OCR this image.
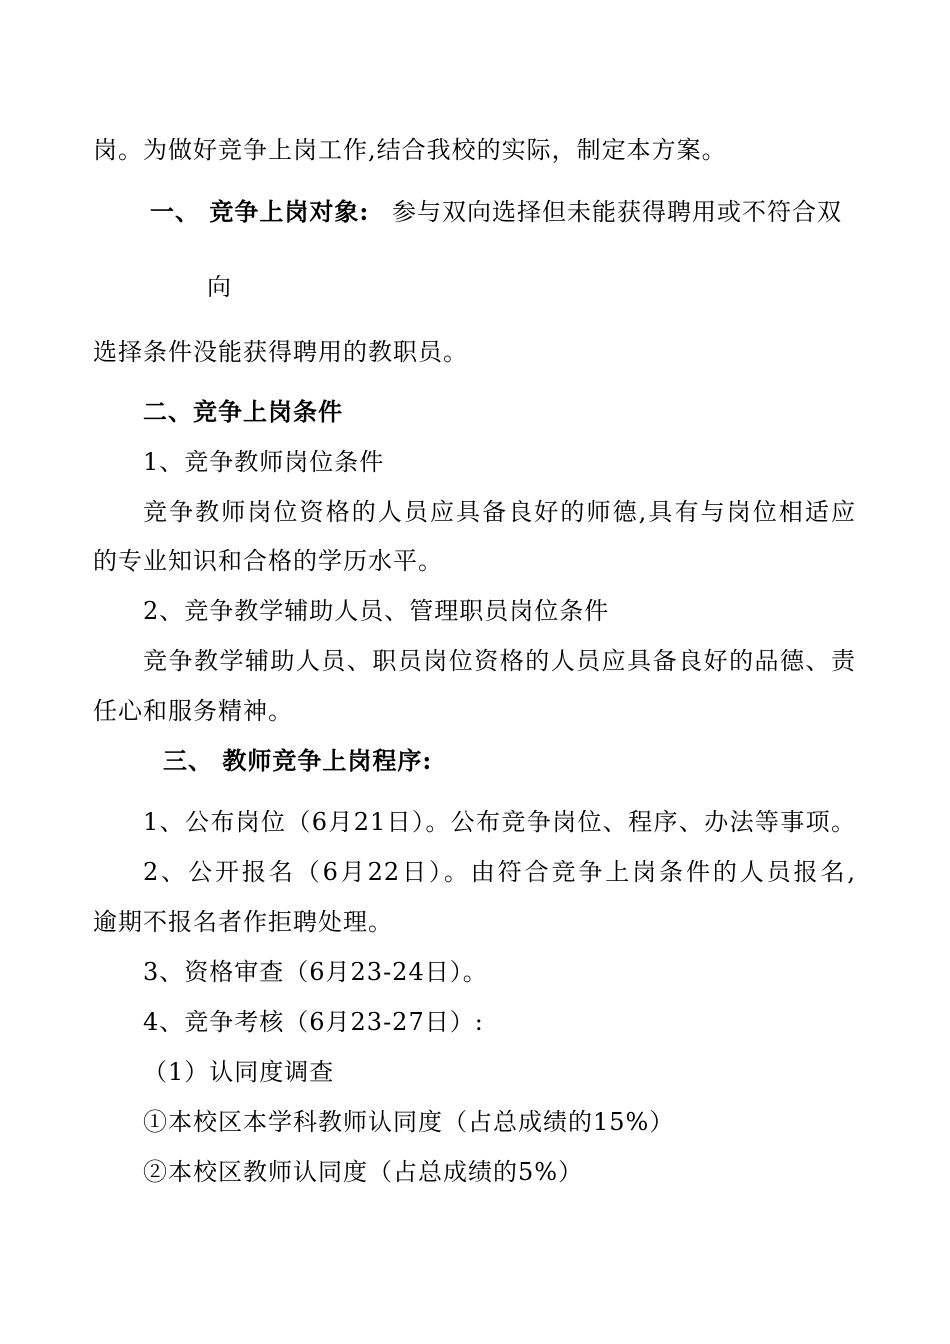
岗。为做好竞争上岗工作,结合我校的实际，制定本方案。
一、 竞争上岗对象: 参与双向选择但未能获得聘用或不符合双
向
选择条件没能获得聘用的教职员。
二、竞争上岗条件
1、竞争教师岗位条件
竞争教师岗位资格的人员应具备良好的师德,具有与岗位相适应
的专业知识和合格的学历水平。
2、竞争教学辅助人员、管理职员岗位条件
竞争教学辅助人员、职员岗位资格的人员应具备良好的品德、责
任心和服务精神。
三、 教师竞争上岗程序:
1、公布岗位（6月21日）。公布竞争岗位、程序、办法等事项。
2、公开报名（6月22日）。由符合竞争上岗条件的人员报名,
逾期不报名者作拒聘处理。
3、资格审查（6月23-24日）。
4、竞争考核（6月23-27日）:
（1）认同度调查
①本校区本学科教师认同度（占总成绩的15%）
②本校区教师认同度（占总成绩的5%）
